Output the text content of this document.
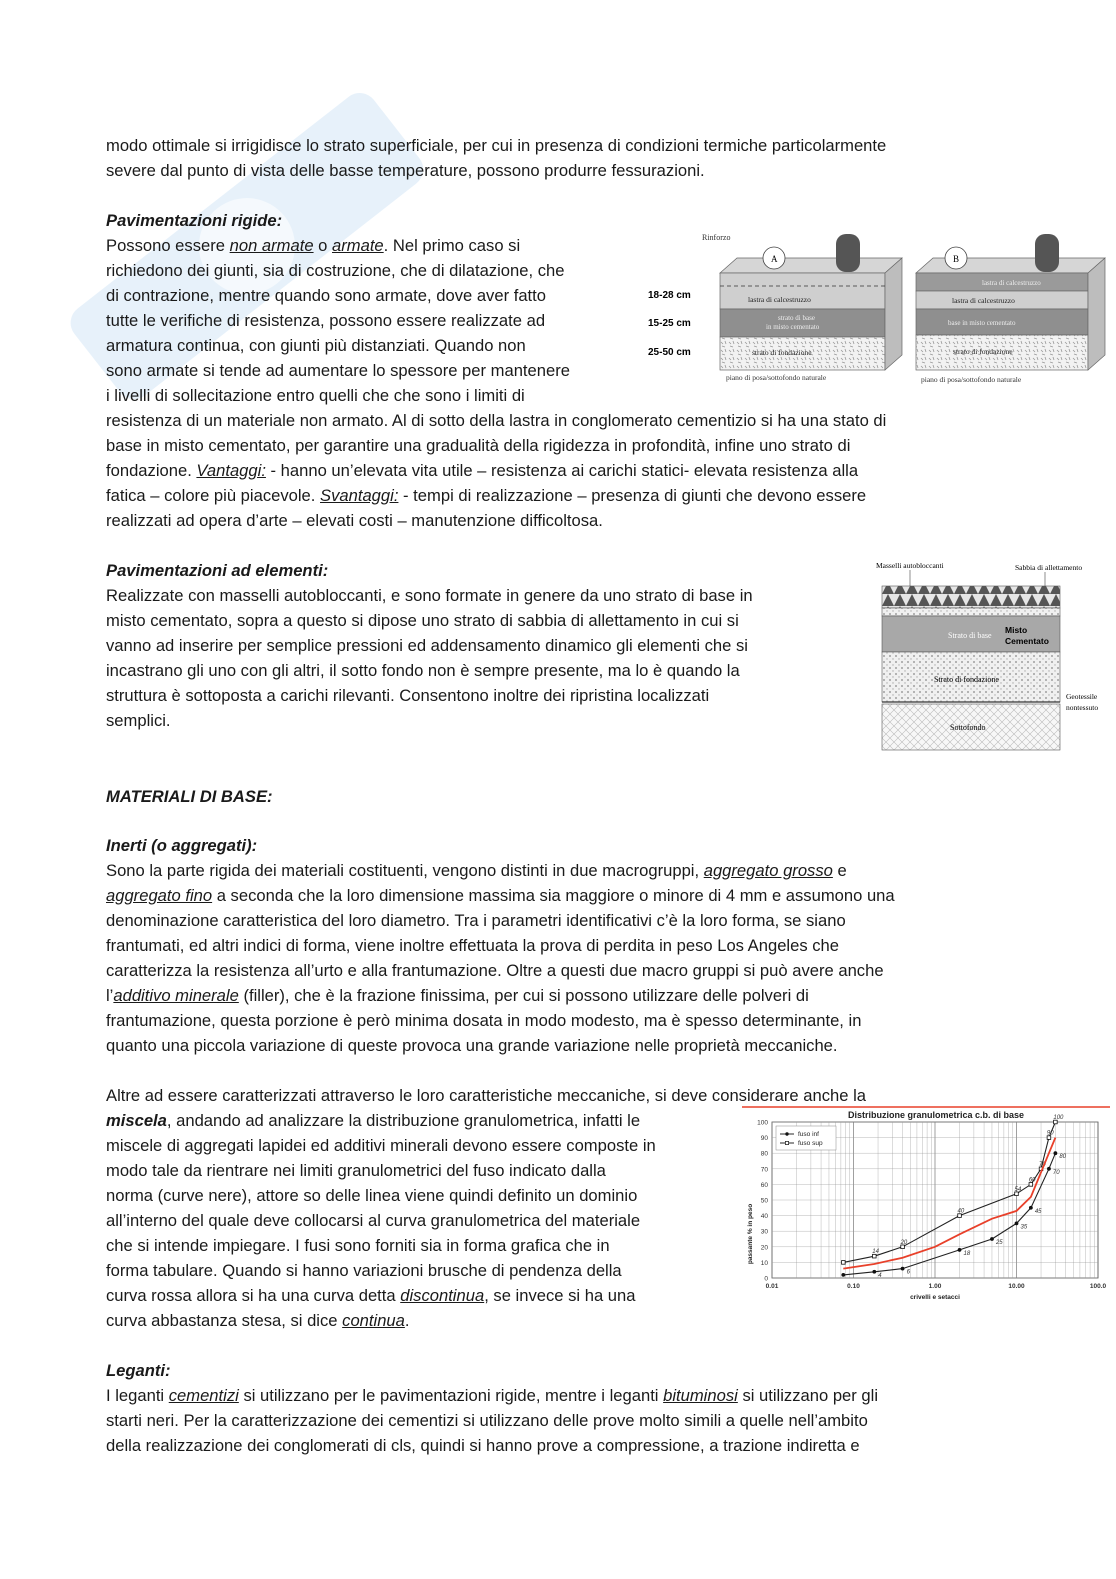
modo ottimale si irrigidisce lo strato superficiale, per cui in presenza di condizioni termiche particolarmente

severe dal punto di vista delle basse temperature, possono produrre fessurazioni.

Pavimentazioni rigide:

Possono essere non armate o armate. Nel primo caso si

richiedono dei giunti, sia di costruzione, che di dilatazione, che

di contrazione, mentre quando sono armate, dove aver fatto

tutte le verifiche di resistenza, possono essere realizzate ad

armatura continua, con giunti più distanziati. Quando non

sono armate si tende ad aumentare lo spessore per mantenere

i livelli di sollecitazione entro quelli che che sono i limiti di

resistenza di un materiale non armato. Al di sotto della lastra in conglomerato cementizio si ha una stato di

base in misto cementato, per garantire una gradualità della rigidezza in profondità, infine uno strato di

fondazione. Vantaggi: - hanno un’elevata vita utile – resistenza ai carichi statici- elevata resistenza alla

fatica – colore più piacevole. Svantaggi: - tempi di realizzazione – presenza di giunti che devono essere

realizzati ad opera d’arte – elevati costi – manutenzione difficoltosa.

Rinforzo
A
lastra di calcestruzzo
strato di base
in misto cementato
strato di fondazione
piano di posa/sottofondo naturale
18-28 cm
15-25 cm
25-50 cm
B
lastra di calcestruzzo
lastra di calcestruzzo
base in misto cementato
strato di fondazione
piano di posa/sottofondo naturale

Pavimentazioni ad elementi:

Realizzate con masselli autobloccanti, e sono formate in genere da uno strato di base in

misto cementato, sopra a questo si dipose uno strato di sabbia di allettamento in cui si

vanno ad inserire per semplice pressioni ed addensamento dinamico gli elementi che si

incastrano gli uno con gli altri, il sotto fondo non è sempre presente, ma lo è quando la

struttura è sottoposta a carichi rilevanti. Consentono inoltre dei ripristina localizzati

semplici.

Masselli autobloccanti	Sabbia di allettamento
Strato di base
Misto
Cementato
Strato di fondazione
Geotessile
nontessuto
Sottofondo

MATERIALI DI BASE:

Inerti (o aggregati):

Sono la parte rigida dei materiali costituenti, vengono distinti in due macrogruppi, aggregato grosso e

aggregato fino a seconda che la loro dimensione massima sia maggiore o minore di 4 mm e assumono una

denominazione caratteristica del loro diametro. Tra i parametri identificativi c’è la loro forma, se siano

frantumati, ed altri indici di forma, viene inoltre effettuata la prova di perdita in peso Los Angeles che

caratterizza la resistenza all’urto e alla frantumazione. Oltre a questi due macro gruppi si può avere anche

l’additivo minerale (filler), che è la frazione finissima, per cui si possono utilizzare delle polveri di

frantumazione, questa porzione è però minima dosata in modo modesto, ma è spesso determinante, in

quanto una piccola variazione di queste provoca una grande variazione nelle proprietà meccaniche.

Altre ad essere caratterizzati attraverso le loro caratteristiche meccaniche, si deve considerare anche la

miscela, andando ad analizzare la distribuzione granulometrica, infatti le

miscele di aggregati lapidei ed additivi minerali devono essere composte in

modo tale da rientrare nei limiti granulometrici del fuso indicato dalla

norma (curve nere), attore so delle linea viene quindi definito un dominio

all’interno del quale deve collocarsi al curva granulometrica del materiale

che si intende impiegare. I fusi sono forniti sia in forma grafica che in

forma tabulare. Quando si hanno variazioni brusche di pendenza della

curva rossa allora si ha una curva detta discontinua, se invece si ha una

curva abbastanza stesa, si dice continua.

Distribuzione granulometrica c.b. di base
passante % in peso
crivelli e setacci
0
10
20
30
40
50
60
70
80
90
100
0.01	0.10	1.00	10.00	100.0
4
6
18
25
35
45
70
80
14
20
40
54
60
70
90
100
fuso inf
fuso sup

Leganti:

I leganti cementizi si utilizzano per le pavimentazioni rigide, mentre i leganti bituminosi si utilizzano per gli

starti neri. Per la caratterizzazione dei cementizi si utilizzano delle prove molto simili a quelle nell’ambito

della realizzazione dei conglomerati di cls, quindi si hanno prove a compressione, a trazione indiretta e
